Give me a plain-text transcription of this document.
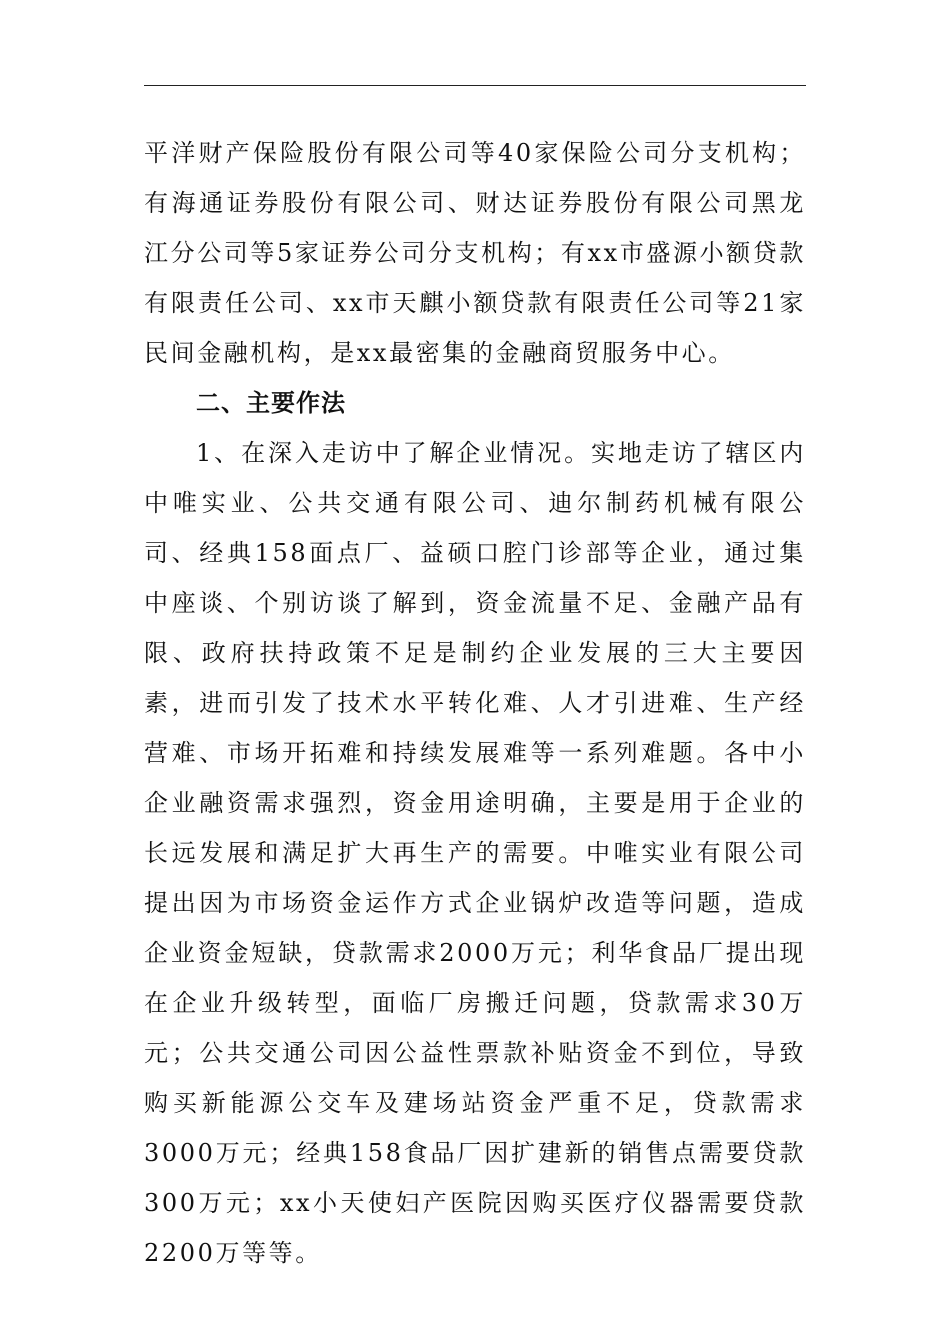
平洋财产保险股份有限公司等40家保险公司分支机构；有海通证券股份有限公司、财达证券股份有限公司黑龙江分公司等5家证券公司分支机构；有xx市盛源小额贷款有限责任公司、xx市天麒小额贷款有限责任公司等21家民间金融机构，是xx最密集的金融商贸服务中心。

二、主要作法

1、在深入走访中了解企业情况。实地走访了辖区内中唯实业、公共交通有限公司、迪尔制药机械有限公司、经典158面点厂、益硕口腔门诊部等企业，通过集中座谈、个别访谈了解到，资金流量不足、金融产品有限、政府扶持政策不足是制约企业发展的三大主要因素，进而引发了技术水平转化难、人才引进难、生产经营难、市场开拓难和持续发展难等一系列难题。各中小企业融资需求强烈，资金用途明确，主要是用于企业的长远发展和满足扩大再生产的需要。中唯实业有限公司提出因为市场资金运作方式企业锅炉改造等问题，造成企业资金短缺，贷款需求2000万元；利华食品厂提出现在企业升级转型，面临厂房搬迁问题，贷款需求30万元；公共交通公司因公益性票款补贴资金不到位，导致购买新能源公交车及建场站资金严重不足，贷款需求3000万元；经典158食品厂因扩建新的销售点需要贷款300万元；xx小天使妇产医院因购买医疗仪器需要贷款2200万等等。
